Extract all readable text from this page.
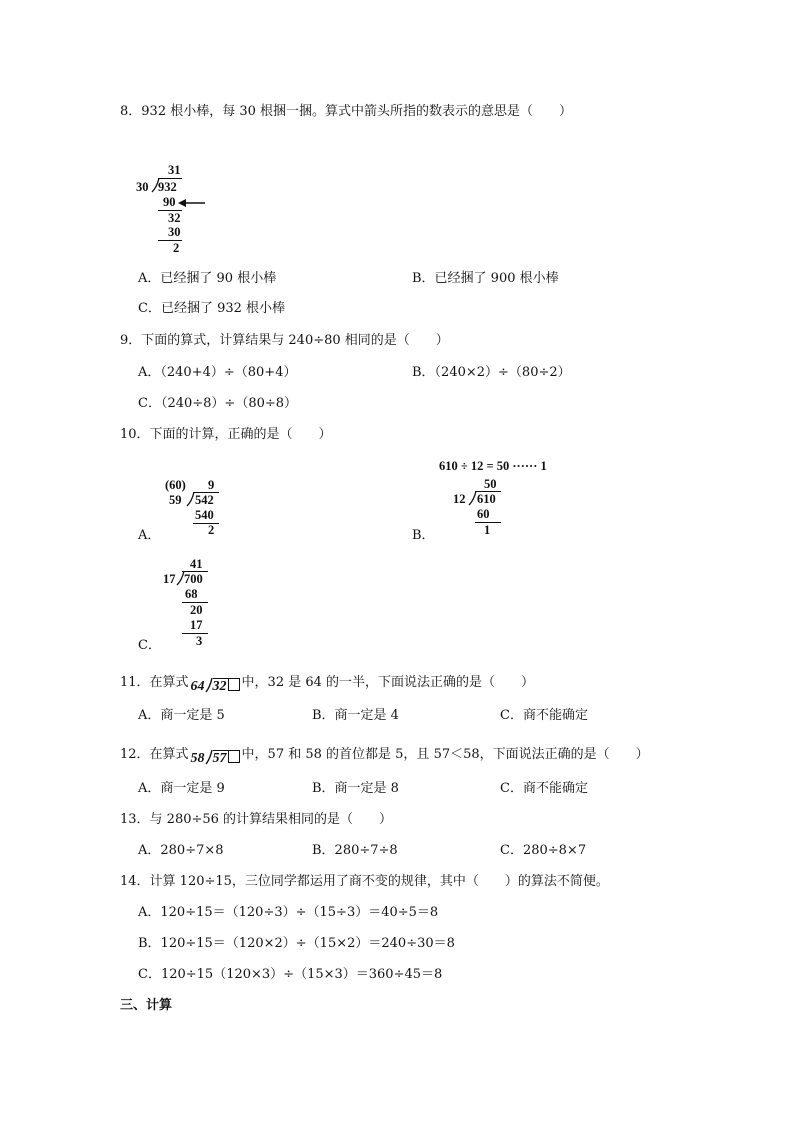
8．932 根小棒，每 30 根捆一捆。算式中箭头所指的数表示的意思是（　　）
31
30 932
90
32
30
2
A．已经捆了 90 根小棒	B．已经捆了 900 根小棒
C．已经捆了 932 根小棒
9．下面的算式，计算结果与 240÷80 相同的是（　　）
A．（240+4）÷（80+4）	B．（240×2）÷（80÷2）
C．（240÷8）÷（80÷8）
10．下面的计算，正确的是（　　）
A．
(60) 9
59 542
540
2	B．
610 ÷ 12 = 50 ······ 1
50
12 610
60
1
C．
41
17 700
68
20
17
3
11．在算式 64 32 中，32 是 64 的一半，下面说法正确的是（　　）
A．商一定是 5	B．商一定是 4	C．商不能确定
12．在算式 58 57 中，57 和 58 的首位都是 5，且 57＜58，下面说法正确的是（　　）
A．商一定是 9	B．商一定是 8	C．商不能确定
13．与 280÷56 的计算结果相同的是（　　）
A．280÷7×8	B．280÷7÷8	C．280÷8×7
14．计算 120÷15，三位同学都运用了商不变的规律，其中（　　）的算法不简便。
A．120÷15＝（120÷3）÷（15÷3）＝40÷5＝8
B．120÷15＝（120×2）÷（15×2）＝240÷30＝8
C．120÷15（120×3）÷（15×3）＝360÷45＝8
三、计算
